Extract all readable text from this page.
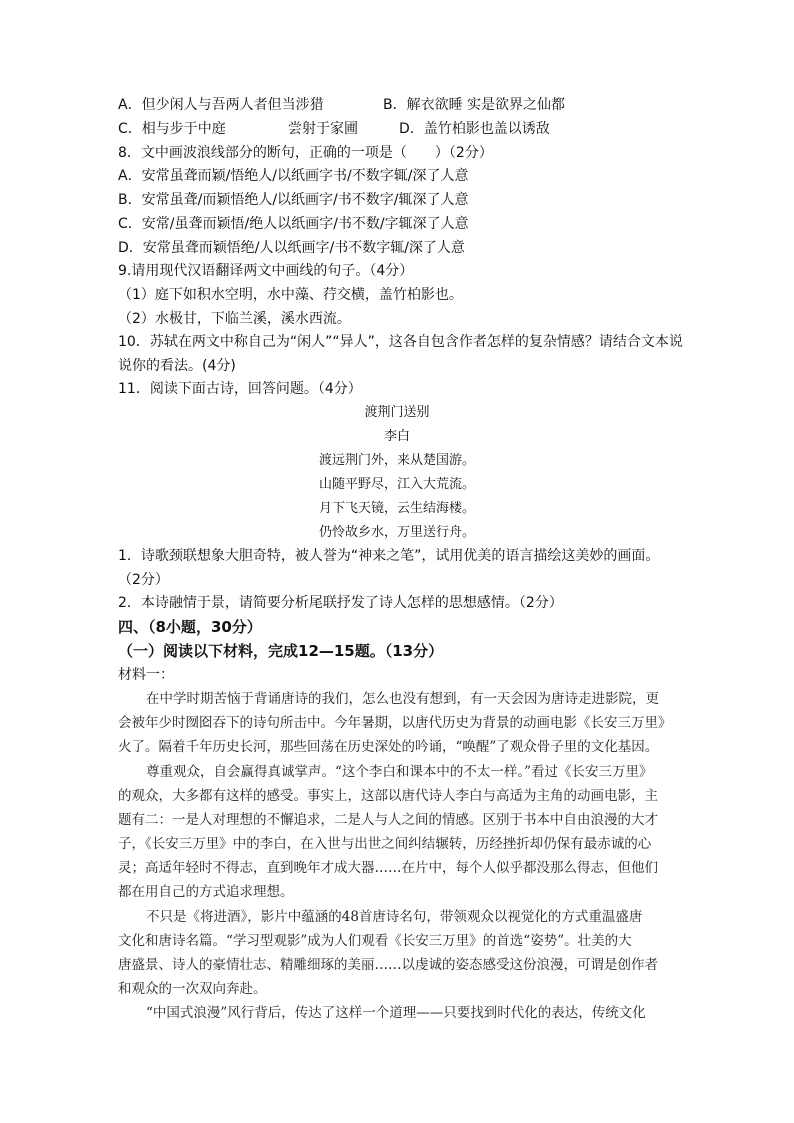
A．但少闲人与吾两人者但当涉猎	B．解衣欲睡 实是欲界之仙都
C．相与步于中庭	尝射于家圃	D．盖竹柏影也盖以诱敌
8．文中画波浪线部分的断句，正确的一项是（　　）（2分）
A．安常虽聋而颖/悟绝人/以纸画字书/不数字辄/深了人意
B．安常虽聋/而颖悟绝人/以纸画字/书不数字/辄深了人意
C．安常/虽聋而颖悟/绝人以纸画字/书不数/字辄深了人意
D．安常虽聋而颖悟绝/人以纸画字/书不数字辄/深了人意
9.请用现代汉语翻译两文中画线的句子。（4分）
（1）庭下如积水空明，水中藻、荇交横，盖竹柏影也。
（2）水极甘，下临兰溪，溪水西流。
10．苏轼在两文中称自己为“闲人”“异人”，这各自包含作者怎样的复杂情感？请结合文本说
说你的看法。(4分)
11．阅读下面古诗，回答问题。（4分）
渡荆门送别
李白
渡远荆门外，来从楚国游。
山随平野尽，江入大荒流。
月下飞天镜，云生结海楼。
仍怜故乡水，万里送行舟。
1．诗歌颈联想象大胆奇特，被人誉为“神来之笔”，试用优美的语言描绘这美妙的画面。
（2分）
2．本诗融情于景，请简要分析尾联抒发了诗人怎样的思想感情。（2分）
四、（8小题，30分）
（一）阅读以下材料，完成12—15题。（13分）
材料一：
在中学时期苦恼于背诵唐诗的我们，怎么也没有想到，有一天会因为唐诗走进影院，更
会被年少时囫囵吞下的诗句所击中。今年暑期，以唐代历史为背景的动画电影《长安三万里》
火了。隔着千年历史长河，那些回荡在历史深处的吟诵，“唤醒”了观众骨子里的文化基因。
尊重观众，自会赢得真诚掌声。“这个李白和课本中的不太一样。”看过《长安三万里》
的观众，大多都有这样的感受。事实上，这部以唐代诗人李白与高适为主角的动画电影，主
题有二：一是人对理想的不懈追求，二是人与人之间的情感。区别于书本中自由浪漫的大才
子，《长安三万里》中的李白，在入世与出世之间纠结辗转，历经挫折却仍保有最赤诚的心
灵；高适年轻时不得志，直到晚年才成大器……在片中，每个人似乎都没那么得志，但他们
都在用自己的方式追求理想。
不只是《将进酒》，影片中蕴涵的48首唐诗名句，带领观众以视觉化的方式重温盛唐
文化和唐诗名篇。“学习型观影”成为人们观看《长安三万里》的首选“姿势”。壮美的大
唐盛景、诗人的豪情壮志、精雕细琢的美丽……以虔诚的姿态感受这份浪漫，可谓是创作者
和观众的一次双向奔赴。
“中国式浪漫”风行背后，传达了这样一个道理——只要找到时代化的表达，传统文化
